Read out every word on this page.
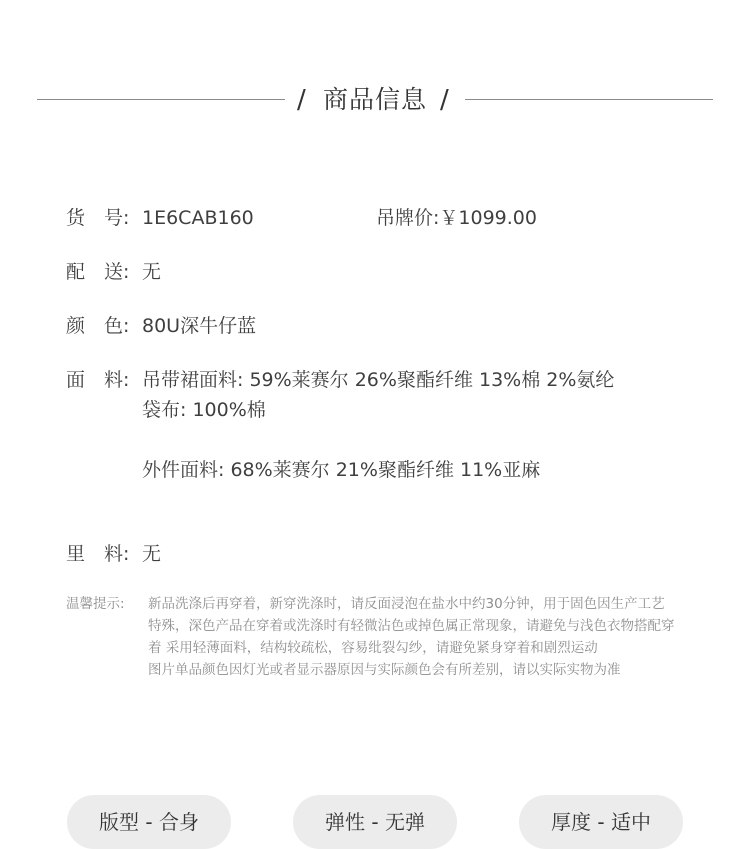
/ 商品信息 /
货　号: 1E6CAB160	吊牌价:￥1099.00
配　送: 无
颜　色: 80U深牛仔蓝
面　料: 吊带裙面料: 59%莱赛尔 26%聚酯纤维 13%棉 2%氨纶
袋布: 100%棉
外件面料: 68%莱赛尔 21%聚酯纤维 11%亚麻
里　料: 无
温馨提示: 新品洗涤后再穿着，新穿洗涤时，请反面浸泡在盐水中约30分钟，用于固色因生产工艺特殊，深色产品在穿着或洗涤时有轻微沾色或掉色属正常现象，请避免与浅色衣物搭配穿着 采用轻薄面料，结构较疏松，容易纰裂勾纱，请避免紧身穿着和剧烈运动
图片单品颜色因灯光或者显示器原因与实际颜色会有所差别，请以实际实物为准
版型 - 合身	弹性 - 无弹	厚度 - 适中
